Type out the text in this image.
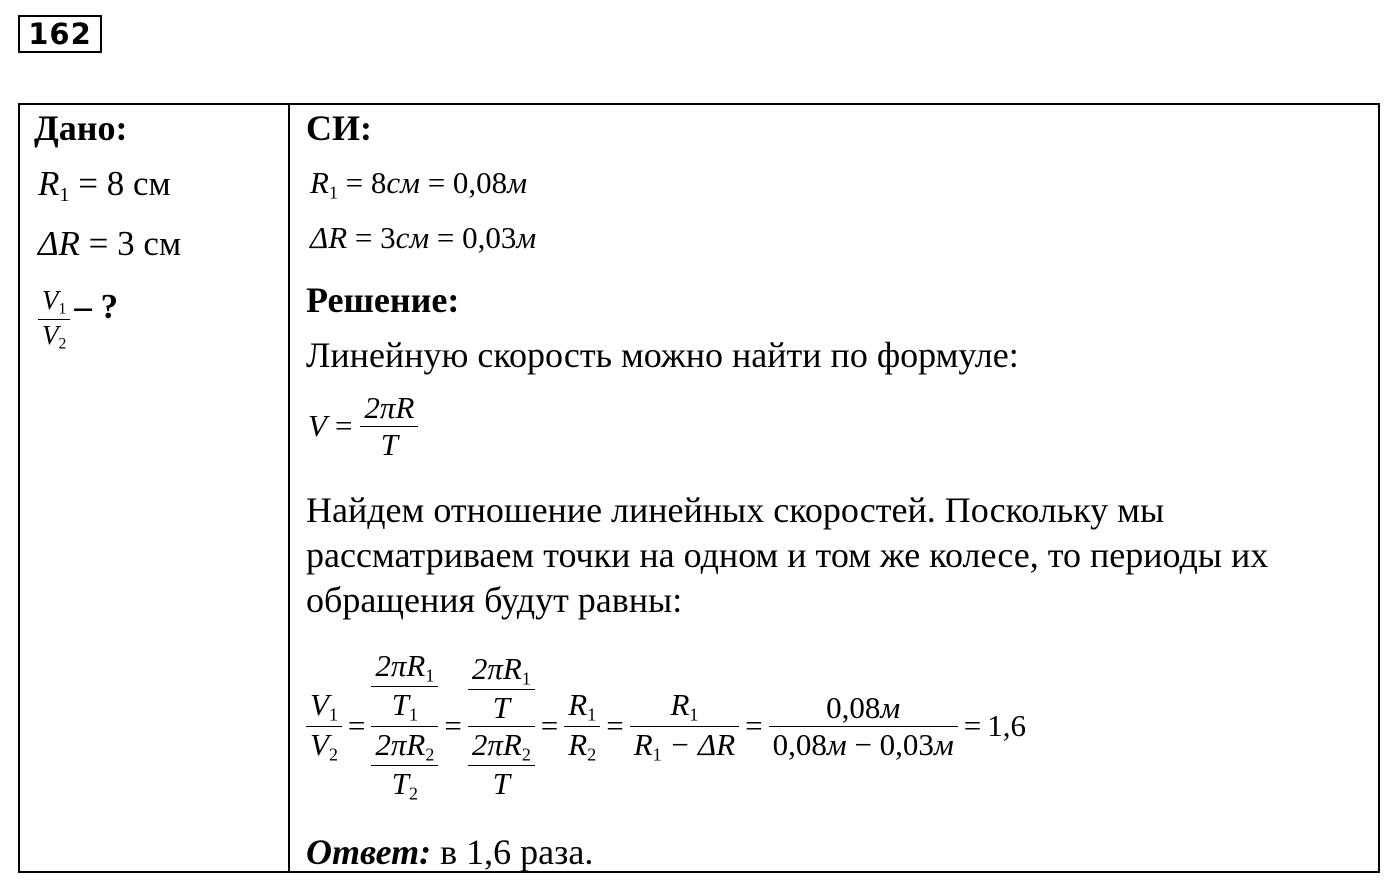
162
Дано:
$R_1 = 8$ см
ΔR = 3 см
$\frac{V_1}{V_2}$ – ?
СИ:
$R_1 = 8см = 0,08м$
ΔR = 3см = 0,03м
Решение:
Линейную скорость можно найти по формуле:
$V = \frac{2\pi R}{T}$
Найдем отношение линейных скоростей. Поскольку мы
рассматриваем точки на одном и том же колесе, то периоды их
обращения будут равны:
$\frac{V_1}{V_2} = \frac{\frac{2\pi R_1}{T_1}}{\frac{2\pi R_2}{T_2}} = \frac{\frac{2\pi R_1}{T}}{\frac{2\pi R_2}{T}} = \frac{R_1}{R_2} = \frac{R_1}{R_1 - \Delta R} = \frac{0,08м}{0,08м - 0,03м} = 1,6$
Ответ: в 1,6 раза.
